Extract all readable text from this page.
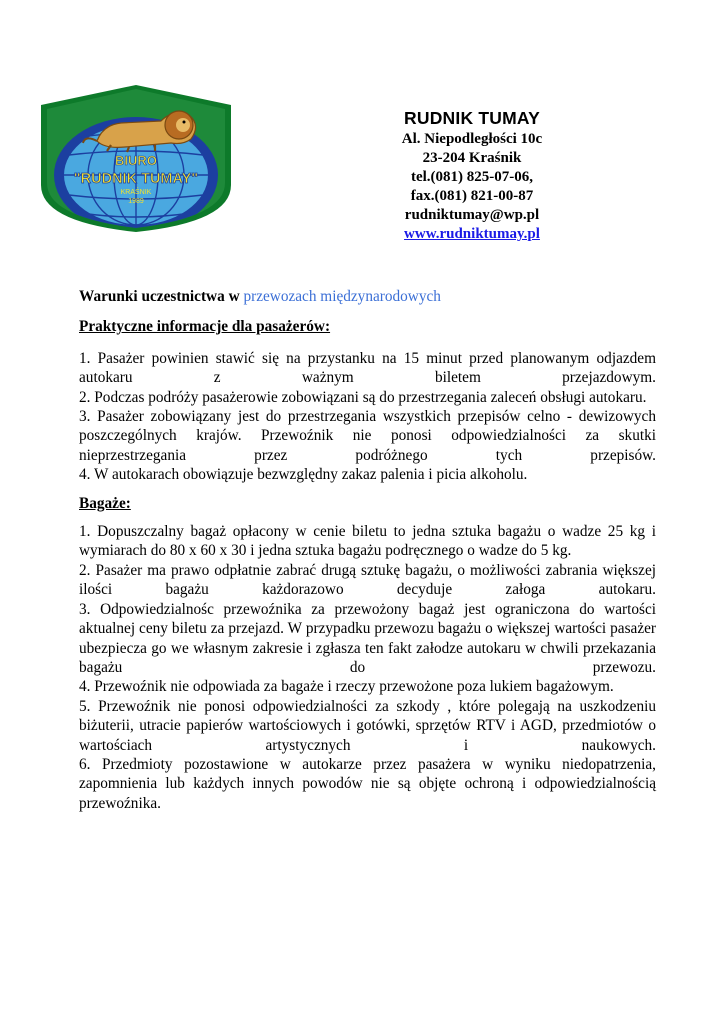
BIURO
"RUDNIK TUMAY"
KRAŚNIK
1989
RUDNIK TUMAY
Al. Niepodległości 10c
23-204 Kraśnik
tel.(081) 825-07-06,
fax.(081) 821-00-87
rudniktumay@wp.pl
www.rudniktumay.pl

Warunki uczestnictwa w przewozach międzynarodowych

Praktyczne informacje dla pasażerów:

1. Pasażer powinien stawić się na przystanku na 15 minut przed planowanym odjazdem autokaru z ważnym biletem przejazdowym.

2. Podczas podróży pasażerowie zobowiązani są do przestrzegania zaleceń obsługi autokaru.

3. Pasażer zobowiązany jest do przestrzegania wszystkich przepisów celno - dewizowych poszczególnych krajów. Przewoźnik nie ponosi odpowiedzialności za skutki nieprzestrzegania przez podróżnego tych przepisów.

4. W autokarach obowiązuje bezwzględny zakaz palenia i picia alkoholu.

Bagaże:

1. Dopuszczalny bagaż opłacony w cenie biletu to jedna sztuka bagażu o wadze 25 kg i wymiarach do 80 x 60 x 30 i jedna sztuka bagażu podręcznego o wadze do 5 kg.

2. Pasażer ma prawo odpłatnie zabrać drugą sztukę bagażu, o możliwości zabrania większej ilości bagażu każdorazowo decyduje załoga autokaru.

3. Odpowiedzialnośc przewoźnika za przewożony bagaż jest ograniczona do wartości aktualnej ceny biletu za przejazd. W przypadku przewozu bagażu o większej wartości pasażer ubezpiecza go we własnym zakresie i zgłasza ten fakt załodze autokaru w chwili przekazania bagażu do przewozu.

4. Przewoźnik nie odpowiada za bagaże i rzeczy przewożone poza lukiem bagażowym.

5. Przewoźnik nie ponosi odpowiedzialności za szkody , które polegają na uszkodzeniu biżuterii, utracie papierów wartościowych i gotówki, sprzętów RTV i AGD, przedmiotów o wartościach artystycznych i naukowych.

6. Przedmioty pozostawione w autokarze przez pasażera w wyniku niedopatrzenia, zapomnienia lub każdych innych powodów nie są objęte ochroną i odpowiedzialnością przewoźnika.
